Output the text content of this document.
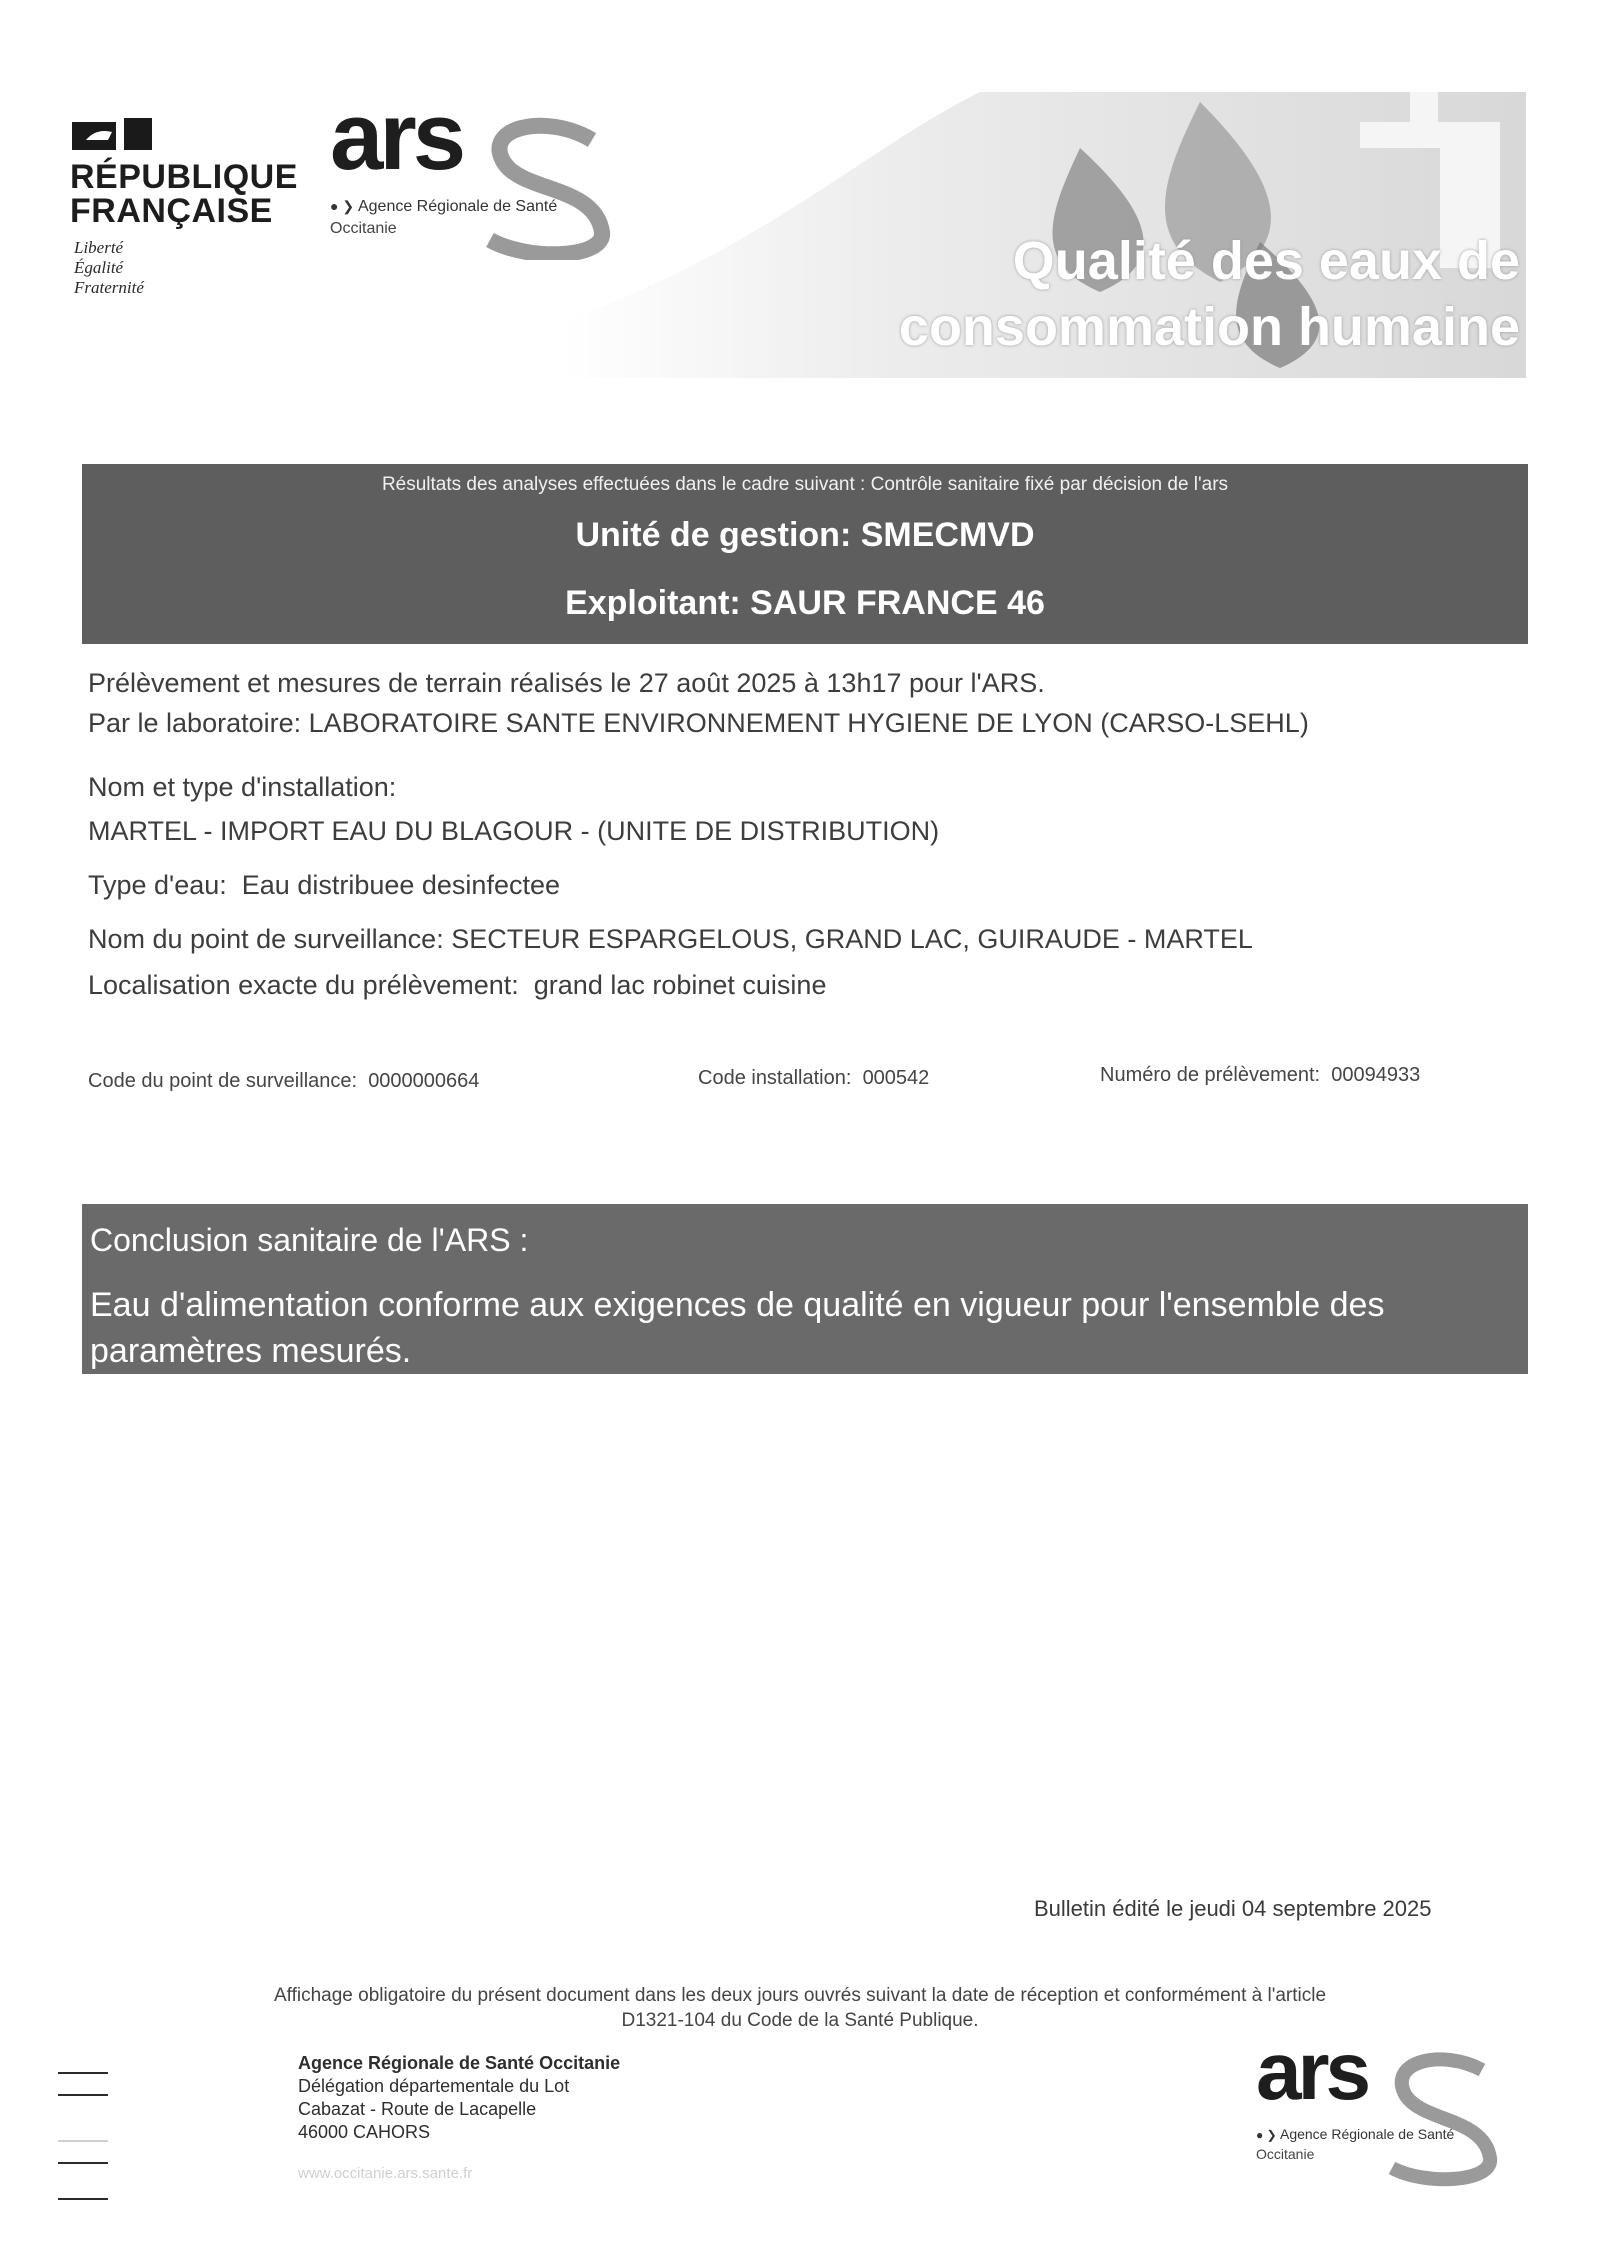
RÉPUBLIQUE
FRANÇAISE
Liberté
Égalité
Fraternité
ars
● ❯ Agence Régionale de Santé
Occitanie
Qualité des eaux de
consommation humaine
Résultats des analyses effectuées dans le cadre suivant : Contrôle sanitaire fixé par décision de l'ars
Unité de gestion: SMECMVD
Exploitant: SAUR FRANCE 46
Prélèvement et mesures de terrain réalisés le 27 août 2025 à 13h17 pour l'ARS.
Par le laboratoire: LABORATOIRE SANTE ENVIRONNEMENT HYGIENE DE LYON (CARSO-LSEHL)
Nom et type d'installation:
MARTEL - IMPORT EAU DU BLAGOUR - (UNITE DE DISTRIBUTION)
Type d'eau: Eau distribuee desinfectee
Nom du point de surveillance: SECTEUR ESPARGELOUS, GRAND LAC, GUIRAUDE - MARTEL
Localisation exacte du prélèvement: grand lac robinet cuisine
Code du point de surveillance: 0000000664	Code installation: 000542	Numéro de prélèvement: 00094933
Conclusion sanitaire de l'ARS :
Eau d'alimentation conforme aux exigences de qualité en vigueur pour l'ensemble des paramètres mesurés.
Bulletin édité le jeudi 04 septembre 2025
Affichage obligatoire du présent document dans les deux jours ouvrés suivant la date de réception et conformément à l'article
D1321-104 du Code de la Santé Publique.
Agence Régionale de Santé Occitanie
Délégation départementale du Lot
Cabazat - Route de Lacapelle
46000 CAHORS
www.occitanie.ars.sante.fr
ars
● ❯ Agence Régionale de Santé
Occitanie
